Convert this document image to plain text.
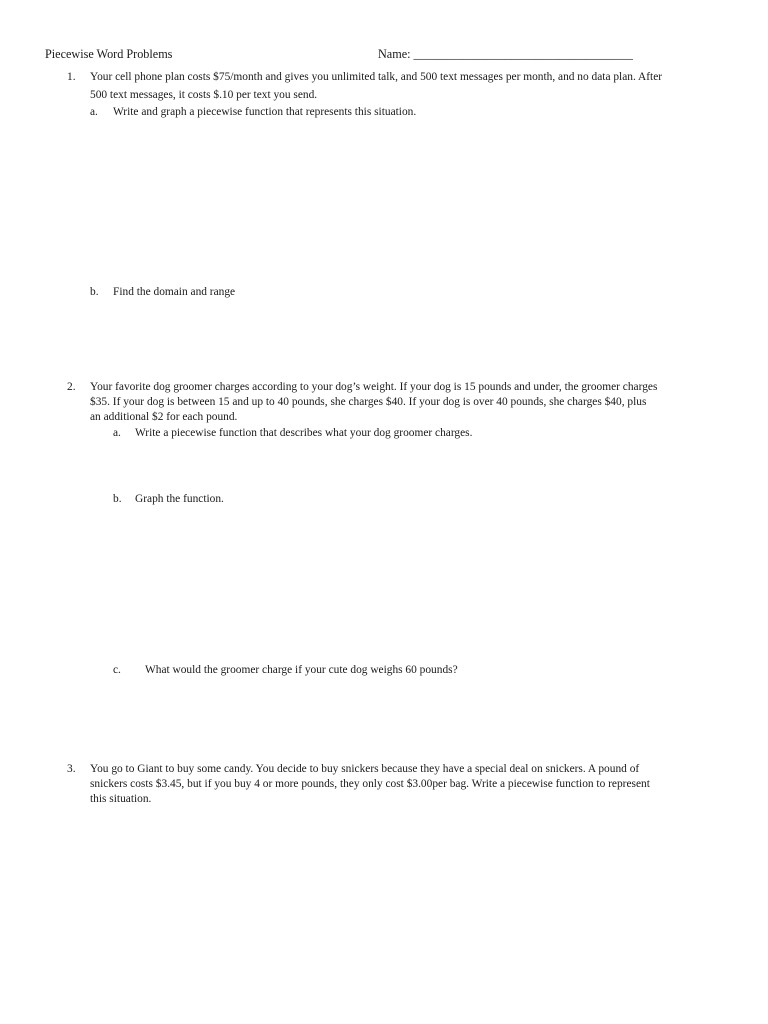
Piecewise Word Problems	Name: ____________________________________
1. Your cell phone plan costs $75/month and gives you unlimited talk, and 500 text messages per month, and no data plan. After
500 text messages, it costs $.10 per text you send.
a. Write and graph a piecewise function that represents this situation.
b. Find the domain and range
2. Your favorite dog groomer charges according to your dog’s weight. If your dog is 15 pounds and under, the groomer charges
$35. If your dog is between 15 and up to 40 pounds, she charges $40. If your dog is over 40 pounds, she charges $40, plus
an additional $2 for each pound.
a. Write a piecewise function that describes what your dog groomer charges.
b. Graph the function.
c. What would the groomer charge if your cute dog weighs 60 pounds?
3. You go to Giant to buy some candy. You decide to buy snickers because they have a special deal on snickers. A pound of
snickers costs $3.45, but if you buy 4 or more pounds, they only cost $3.00per bag. Write a piecewise function to represent
this situation.
